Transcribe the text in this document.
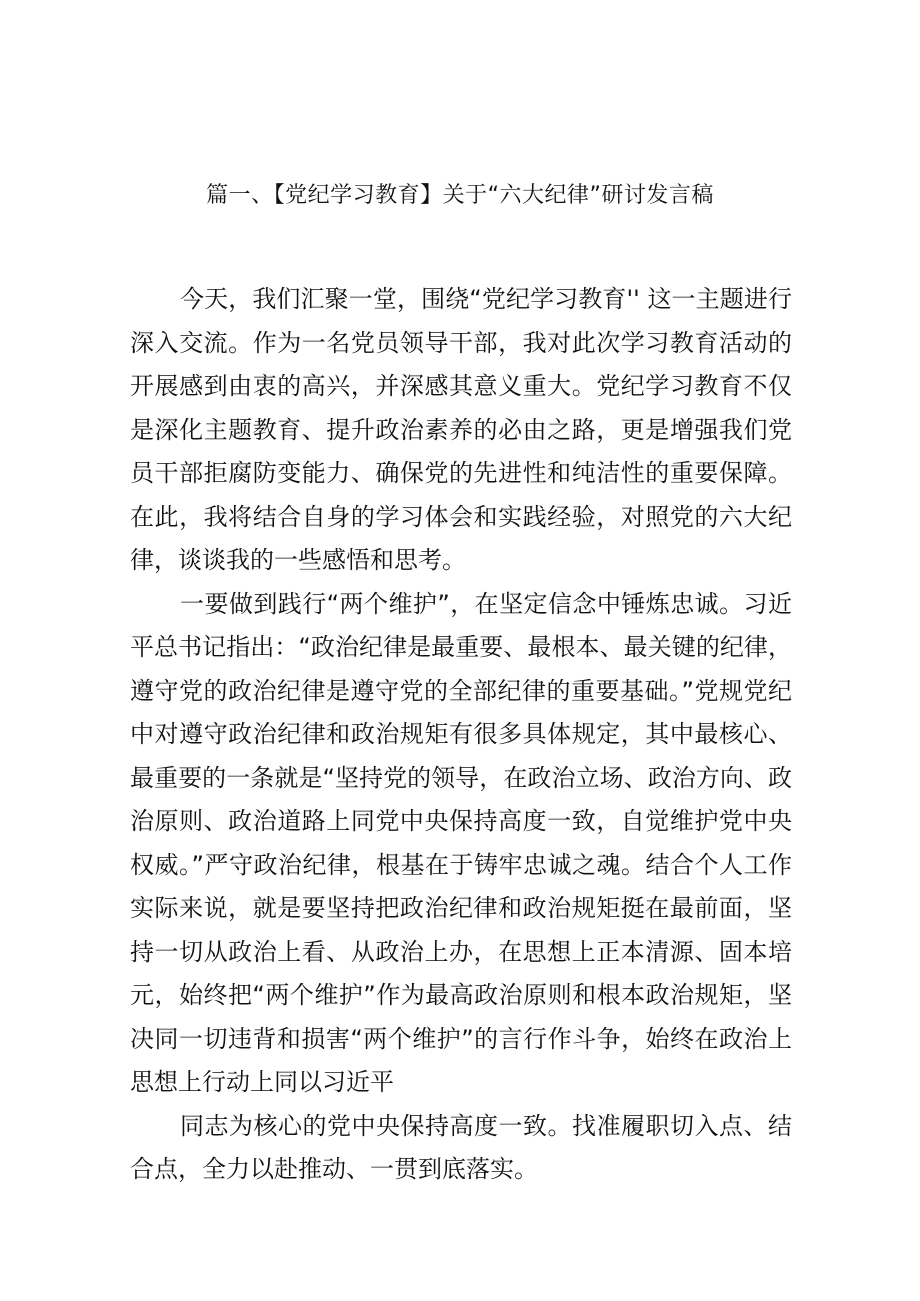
篇一、【党纪学习教育】关于“六大纪律”研讨发言稿

今天，我们汇聚一堂，围绕“党纪学习教育'' 这一主题进行深入交流。作为一名党员领导干部，我对此次学习教育活动的开展感到由衷的高兴，并深感其意义重大。党纪学习教育不仅是深化主题教育、提升政治素养的必由之路，更是增强我们党员干部拒腐防变能力、确保党的先进性和纯洁性的重要保障。在此，我将结合自身的学习体会和实践经验，对照党的六大纪律，谈谈我的一些感悟和思考。

一要做到践行“两个维护”，在坚定信念中锤炼忠诚。习近平总书记指出：“政治纪律是最重要、最根本、最关键的纪律，遵守党的政治纪律是遵守党的全部纪律的重要基础。”党规党纪中对遵守政治纪律和政治规矩有很多具体规定，其中最核心、最重要的一条就是“坚持党的领导，在政治立场、政治方向、政治原则、政治道路上同党中央保持高度一致，自觉维护党中央权威。”严守政治纪律，根基在于铸牢忠诚之魂。结合个人工作实际来说，就是要坚持把政治纪律和政治规矩挺在最前面，坚持一切从政治上看、从政治上办，在思想上正本清源、固本培元，始终把“两个维护”作为最高政治原则和根本政治规矩，坚决同一切违背和损害“两个维护”的言行作斗争，始终在政治上思想上行动上同以习近平

同志为核心的党中央保持高度一致。找准履职切入点、结合点，全力以赴推动、一贯到底落实。
